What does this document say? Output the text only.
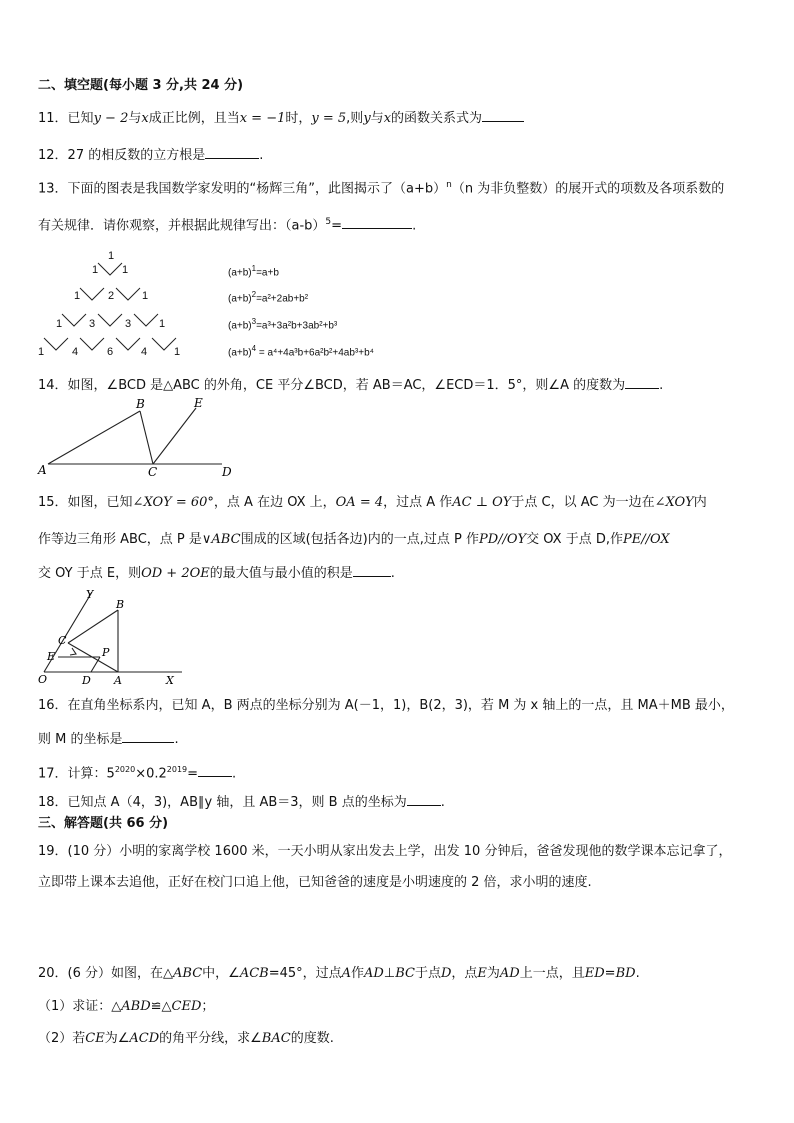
二、填空题(每小题 3 分,共 24 分)
11．已知y − 2与x成正比例，且当x = −1时，y = 5,则y与x的函数关系式为
12．27 的相反数的立方根是	.
13．下面的图表是我国数学家发明的“杨辉三角”，此图揭示了$(a+b)^n(n$ 为非负整数）的展开式的项数及各项系数的
有关规律．请你观察，并根据此规律写出：$(a-b)^5=$	.
1
1 1
1	2	1
1 3	3	1
1	4	6	4 1
$(a+b)^1=a+b$
$(a+b)^2=a^2+2ab+b^2$
$(a+b)^3=a^3+3a^2b+3ab^2+b^3$
$(a+b)^4 = a^4+4a^3b+6a^2b^2+4ab^3+b^4$
14．如图，∠BCD 是△ABC 的外角，CE 平分∠BCD，若 AB＝AC，∠ECD＝1．5°，则∠A 的度数为	.
A
B
C	D
E
15．如图，已知∠XOY = 60°，点 A 在边 OX 上，OA = 4，过点 A 作AC ⊥ OY于点 C，以 AC 为一边在∠XOY内
作等边三角形 ABC，点 P 是∨ABC围成的区域(包括各边)内的一点,过点 P 作PD//OY交 OX 于点 D,作PE//OX
交 OY 于点 E，则OD + 2OE的最大值与最小值的积是	.
Y
B
C
E	P
O	D A	X
16．在直角坐标系内，已知 A，B 两点的坐标分别为 A(－1，1)，B(2，3)，若 M 为 x 轴上的一点，且 MA＋MB 最小，
则 M 的坐标是	.
17．计算：$5^{2020}\times 0.2^{2019}=$	.
18．已知点 A（4，3)，AB∥y 轴，且 AB＝3，则 B 点的坐标为	.
三、解答题(共 66 分)
19．(10 分）小明的家离学校 1600 米，一天小明从家出发去上学，出发 10 分钟后，爸爸发现他的数学课本忘记拿了，
立即带上课本去追他，正好在校门口追上他，已知爸爸的速度是小明速度的 2 倍，求小明的速度.
20．(6 分）如图，在△ABC中，∠ACB=45°，过点A作AD⊥BC于点D，点E为AD上一点，且ED=BD.
（1）求证：△ABD≌△CED；
（2）若CE为∠ACD的角平分线，求∠BAC的度数.
